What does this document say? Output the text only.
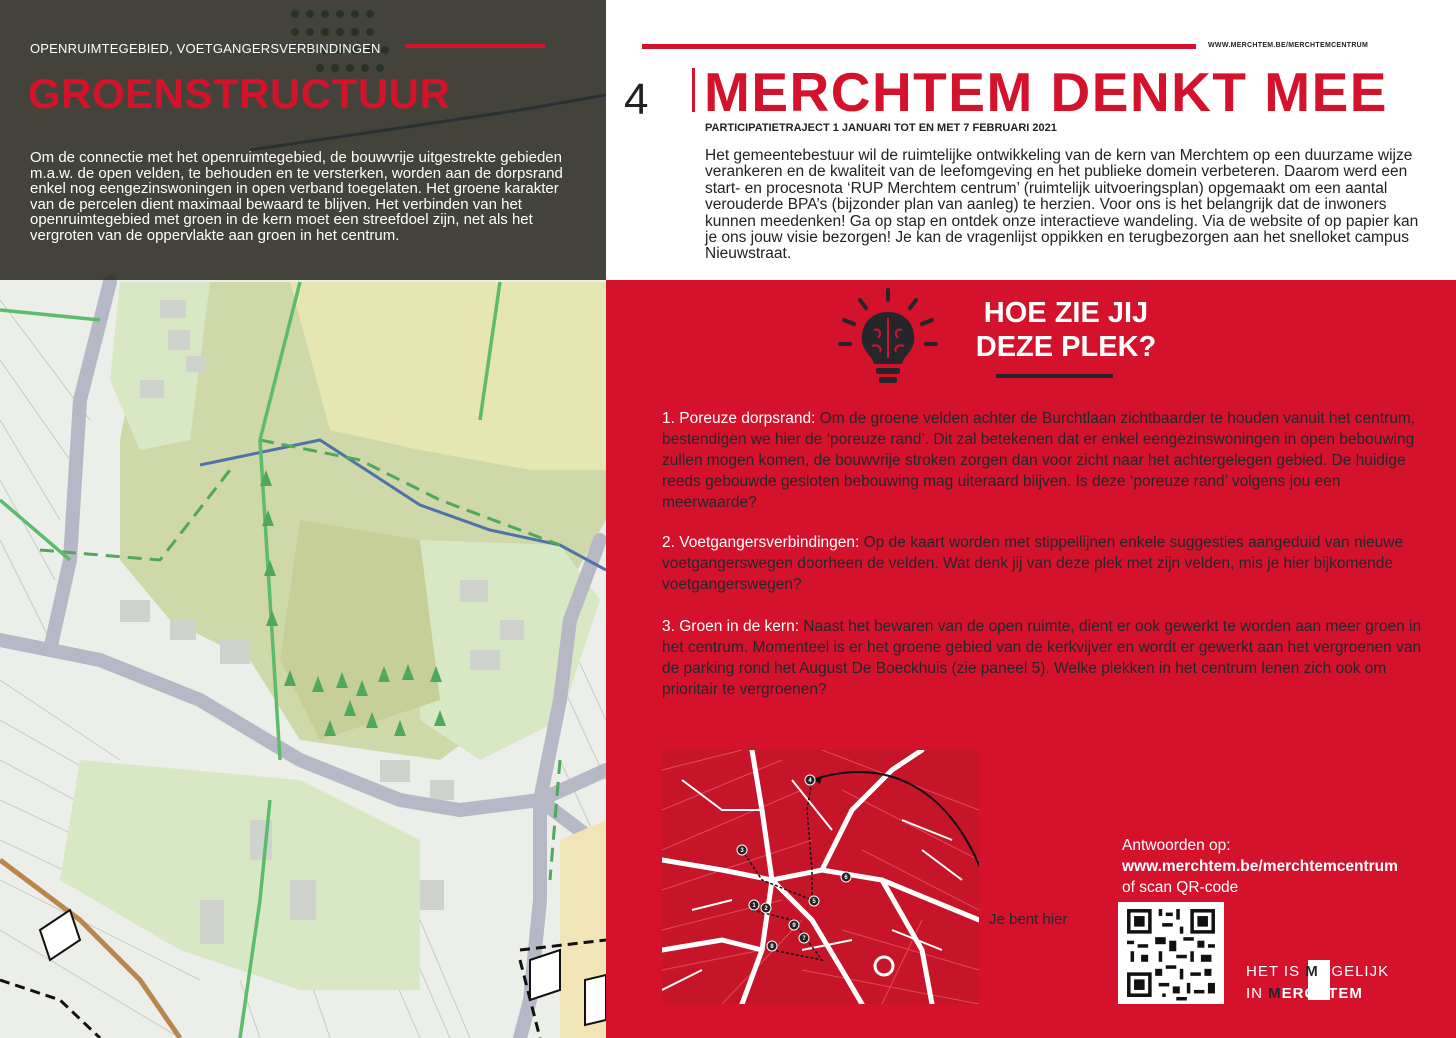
OPENRUIMTEGEBIED, VOETGANGERSVERBINDINGEN
GROENSTRUCTUUR
Om de connectie met het openruimtegebied, de bouwvrije uitgestrekte gebieden m.a.w. de open velden, te behouden en te versterken, worden aan de dorpsrand enkel nog eengezinswoningen in open verband toegelaten. Het groene karakter van de percelen dient maximaal bewaard te blijven. Het verbinden van het openruimtegebied met groen in de kern moet een streefdoel zijn, net als het vergroten van de oppervlakte aan groen in het centrum.
WWW.MERCHTEM.BE/MERCHTEMCENTRUM
4 MERCHTEM DENKT MEE
PARTICIPATIETRAJECT 1 JANUARI TOT EN MET 7 FEBRUARI 2021
Het gemeentebestuur wil de ruimtelijke ontwikkeling van de kern van Merchtem op een duurzame wijze verankeren en de kwaliteit van de leefomgeving en het publieke domein verbeteren. Daarom werd een start- en procesnota ‘RUP Merchtem centrum’ (ruimtelijk uitvoeringsplan) opgemaakt om een aantal verouderde BPA’s (bijzonder plan van aanleg) te herzien. Voor ons is het belangrijk dat de inwoners kunnen meedenken! Ga op stap en ontdek onze interactieve wandeling. Via de website of op papier kan je ons jouw visie bezorgen! Je kan de vragenlijst oppikken en terugbezorgen aan het snelloket campus Nieuwstraat.
HOE ZIE JIJ
DEZE PLEK?
1. Poreuze dorpsrand: Om de groene velden achter de Burchtlaan zichtbaarder te houden vanuit het centrum, bestendigen we hier de ‘poreuze rand’. Dit zal betekenen dat er enkel eengezinswoningen in open bebouwing zullen mogen komen, de bouwvrije stroken zorgen dan voor zicht naar het achtergelegen gebied. De huidige reeds gebouwde gesloten bebouwing mag uiteraard blijven. Is deze ‘poreuze rand’ volgens jou een meerwaarde?
2. Voetgangersverbindingen: Op de kaart worden met stippellijnen enkele suggesties aangeduid van nieuwe voetgangerswegen doorheen de velden. Wat denk jij van deze plek met zijn velden, mis je hier bijkomende voetgangerswegen?
3. Groen in de kern: Naast het bewaren van de open ruimte, dient er ook gewerkt te worden aan meer groen in het centrum. Momenteel is er het groene gebied van de kerkvijver en wordt er gewerkt aan het vergroenen van de parking rond het August De Boeckhuis (zie paneel 5). Welke plekken in het centrum lenen zich ook om prioritair te vergroenen?
1 2
3
4
5
6
7
8
9	Je bent hier
Antwoorden op:
www.merchtem.be/merchtemcentrum
of scan QR-code
HET IS MOGELIJK
IN MERCHTEM
